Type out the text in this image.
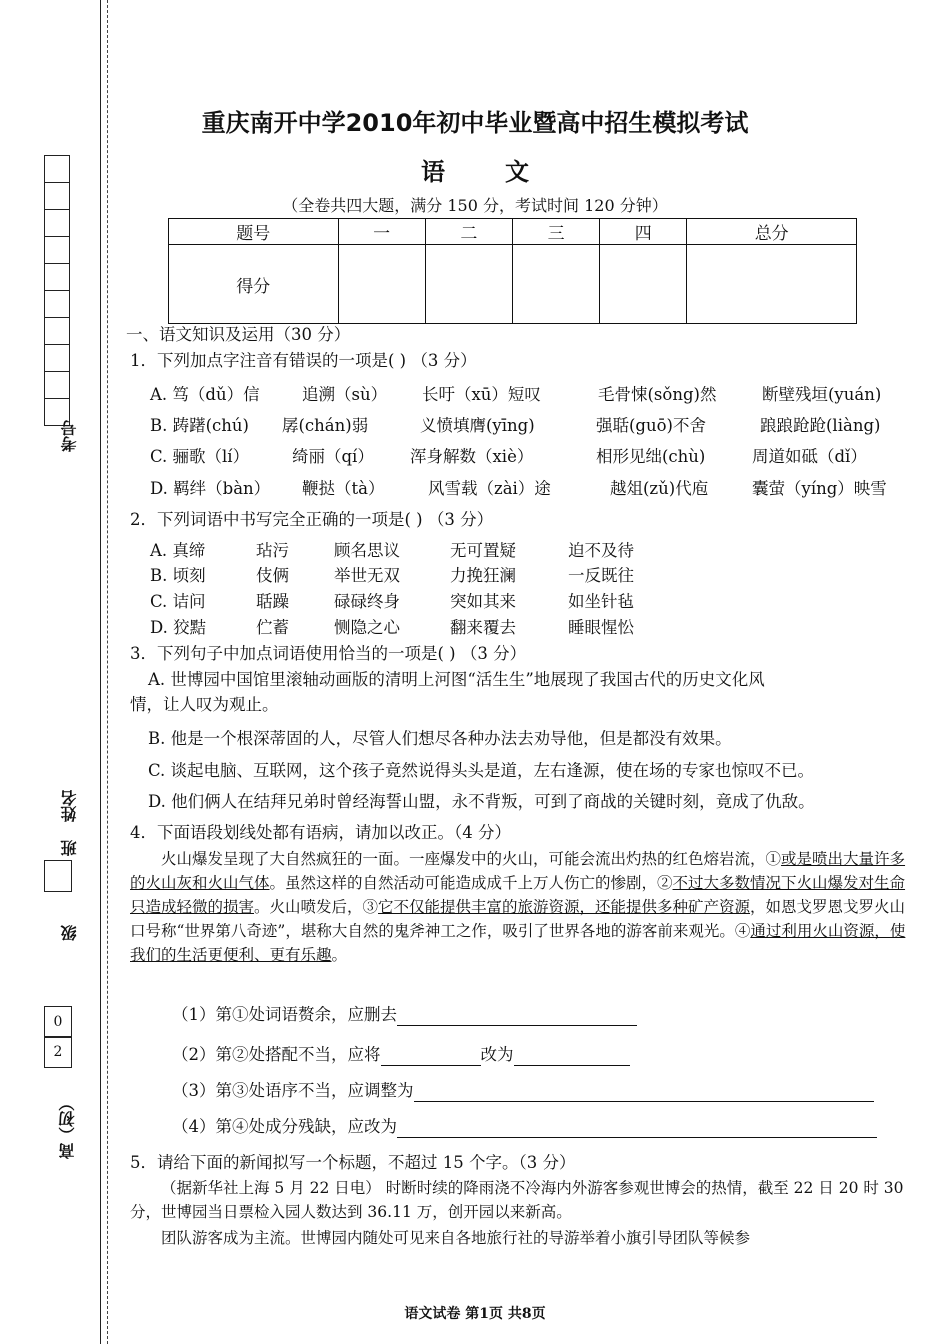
考号
姓名
班
级
0
2
高（初）
重庆南开中学2010年初中毕业暨高中招生模拟考试
语文
（全卷共四大题，满分 150 分，考试时间 120 分钟）
题号	一	二	三	四	总分
得分					
一、语文知识及运用（30 分）
1．下列加点字注音有错误的一项是( ) （3 分）
A. 笃（dǔ）信	追溯（sù） 长吁（xū）短叹	毛骨悚(sǒng)然	断壁残垣(yuán)
B. 踌躇(chú) 孱(chán)弱	义愤填膺(yīng)	强聒(guō)不舍	踉踉跄跄(liàng)
C. 骊歌（lí）	绮丽（qí） 浑身解数（xiè）	相形见绌(chù)	周道如砥（dǐ）
D. 羁绊（bàn） 鞭挞（tà）	风雪载（zài）途	越俎(zǔ)代庖	囊萤（yíng）映雪
2．下列词语中书写完全正确的一项是( ) （3 分）
A. 真缔	玷污	顾名思议	无可置疑	迫不及待
B. 顷刻	伎俩	举世无双	力挽狂澜	一反既往
C. 诘问	聒躁	碌碌终身	突如其来	如坐针毡
D. 狡黠	伫蓄	恻隐之心	翻来覆去	睡眼惺忪
3．下列句子中加点词语使用恰当的一项是( ) （3 分）
A. 世博园中国馆里滚轴动画版的清明上河图“活生生”地展现了我国古代的历史文化风
情，让人叹为观止。
B. 他是一个根深蒂固的人，尽管人们想尽各种办法去劝导他，但是都没有效果。
C. 谈起电脑、互联网，这个孩子竟然说得头头是道，左右逢源，使在场的专家也惊叹不已。
D. 他们俩人在结拜兄弟时曾经海誓山盟，永不背叛，可到了商战的关键时刻，竟成了仇敌。
4．下面语段划线处都有语病，请加以改正。（4 分）
火山爆发呈现了大自然疯狂的一面。一座爆发中的火山，可能会流出灼热的红色熔岩流，①或是喷出大量许多的火山灰和火山气体。虽然这样的自然活动可能造成成千上万人伤亡的惨剧，②不过大多数情况下火山爆发对生命只造成轻微的损害。火山喷发后，③它不仅能提供丰富的旅游资源，还能提供多种矿产资源，如恩戈罗恩戈罗火山口号称“世界第八奇迹”，堪称大自然的鬼斧神工之作，吸引了世界各地的游客前来观光。④通过利用火山资源，使我们的生活更便利、更有乐趣。
（1）第①处词语赘余，应删去
（2）第②处搭配不当，应将	改为
（3）第③处语序不当，应调整为
（4）第④处成分残缺，应改为
5．请给下面的新闻拟写一个标题，不超过 15 个字。（3 分）
（据新华社上海 5 月 22 日电） 时断时续的降雨浇不冷海内外游客参观世博会的热情，截至 22 日 20 时 30 分，世博园当日票检入园人数达到 36.11 万，创开园以来新高。
团队游客成为主流。世博园内随处可见来自各地旅行社的导游举着小旗引导团队等候参
语文试卷 第1页 共8页
